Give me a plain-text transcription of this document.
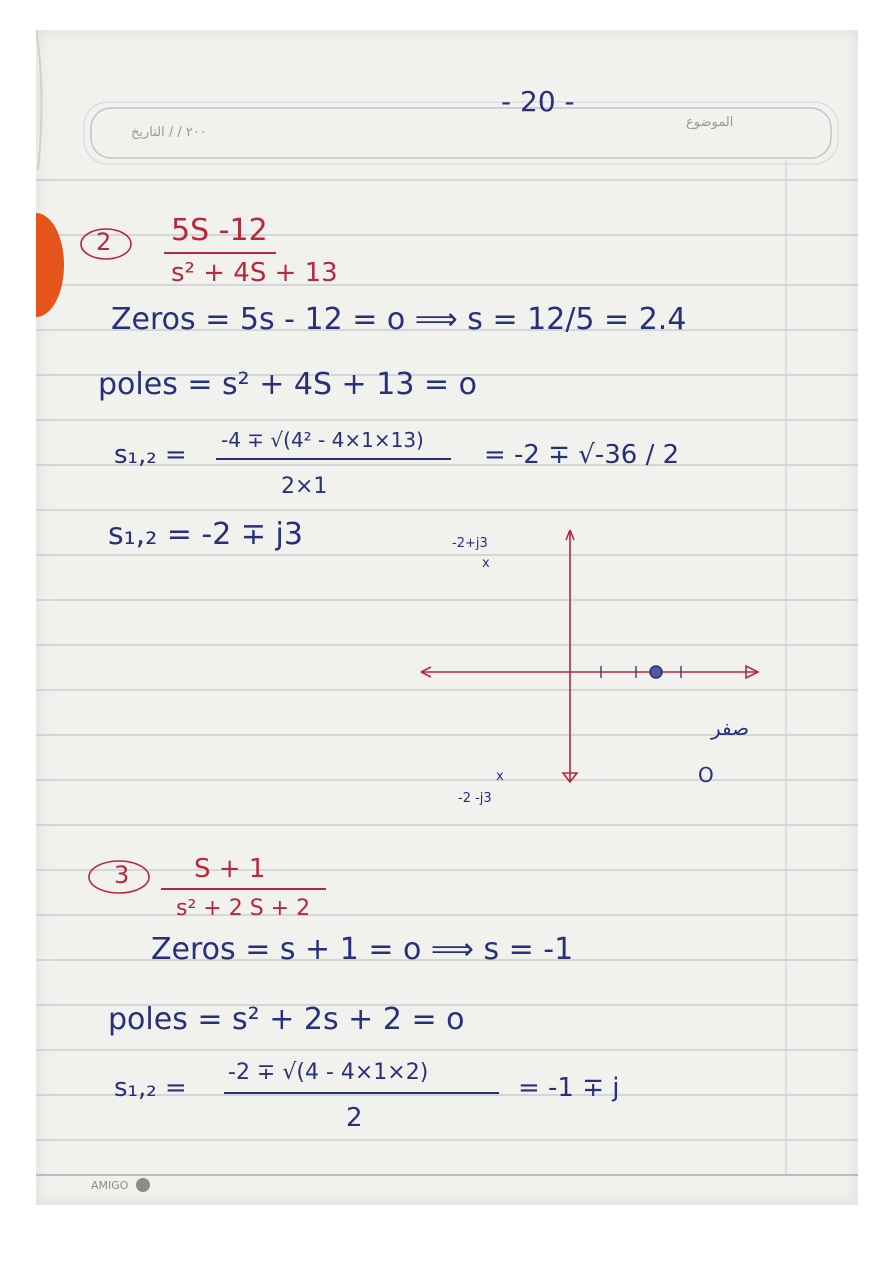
- 20 -
٢٠٠ / / التاريخ
الموضوع
2 5S -12
s² + 4S + 13
Zeros = 5s - 12 = o ⟹ s = 12/5 = 2.4
poles = s² + 4S + 13 = o
s₁,₂ = -4 ∓ √(4² - 4×1×13)
2×1
= -2 ∓ √-36 / 2
s₁,₂ = -2 ∓ j3	-2+j3
x
x
-2 -j3
صفر
O
3 S + 1
s² + 2 S + 2
Zeros = s + 1 = o ⟹ s = -1
poles = s² + 2s + 2 = o
s₁,₂ =
-2 ∓ √(4 - 4×1×2)
2
= -1 ∓ j
AMIGO
